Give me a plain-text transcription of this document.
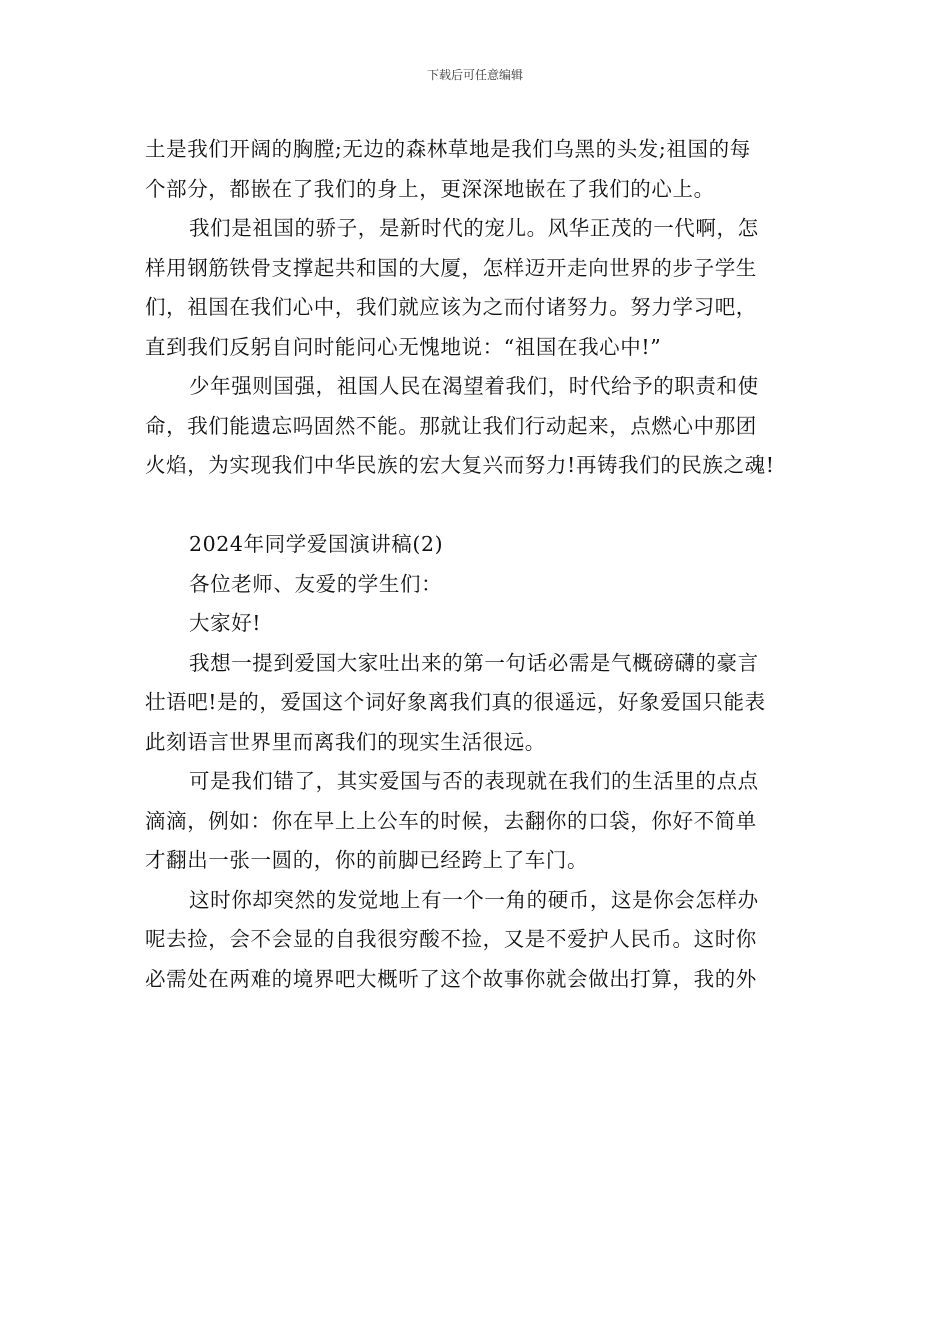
下载后可任意编辑
土是我们开阔的胸膛;无边的森林草地是我们乌黑的头发;祖国的每
个部分，都嵌在了我们的身上，更深深地嵌在了我们的心上。
我们是祖国的骄子，是新时代的宠儿。风华正茂的一代啊，怎
样用钢筋铁骨支撑起共和国的大厦，怎样迈开走向世界的步子学生
们，祖国在我们心中，我们就应该为之而付诸努力。努力学习吧，
直到我们反躬自问时能问心无愧地说：“祖国在我心中!”
少年强则国强，祖国人民在渴望着我们，时代给予的职责和使
命，我们能遗忘吗固然不能。那就让我们行动起来，点燃心中那团
火焰，为实现我们中华民族的宏大复兴而努力!再铸我们的民族之魂!
2024年同学爱国演讲稿(2)
各位老师、友爱的学生们：
大家好!
我想一提到爱国大家吐出来的第一句话必需是气概磅礴的豪言
壮语吧!是的，爱国这个词好象离我们真的很遥远，好象爱国只能表
此刻语言世界里而离我们的现实生活很远。
可是我们错了，其实爱国与否的表现就在我们的生活里的点点
滴滴，例如：你在早上上公车的时候，去翻你的口袋，你好不简单
才翻出一张一圆的，你的前脚已经跨上了车门。
这时你却突然的发觉地上有一个一角的硬币，这是你会怎样办
呢去捡，会不会显的自我很穷酸不捡，又是不爱护人民币。这时你
必需处在两难的境界吧大概听了这个故事你就会做出打算，我的外
